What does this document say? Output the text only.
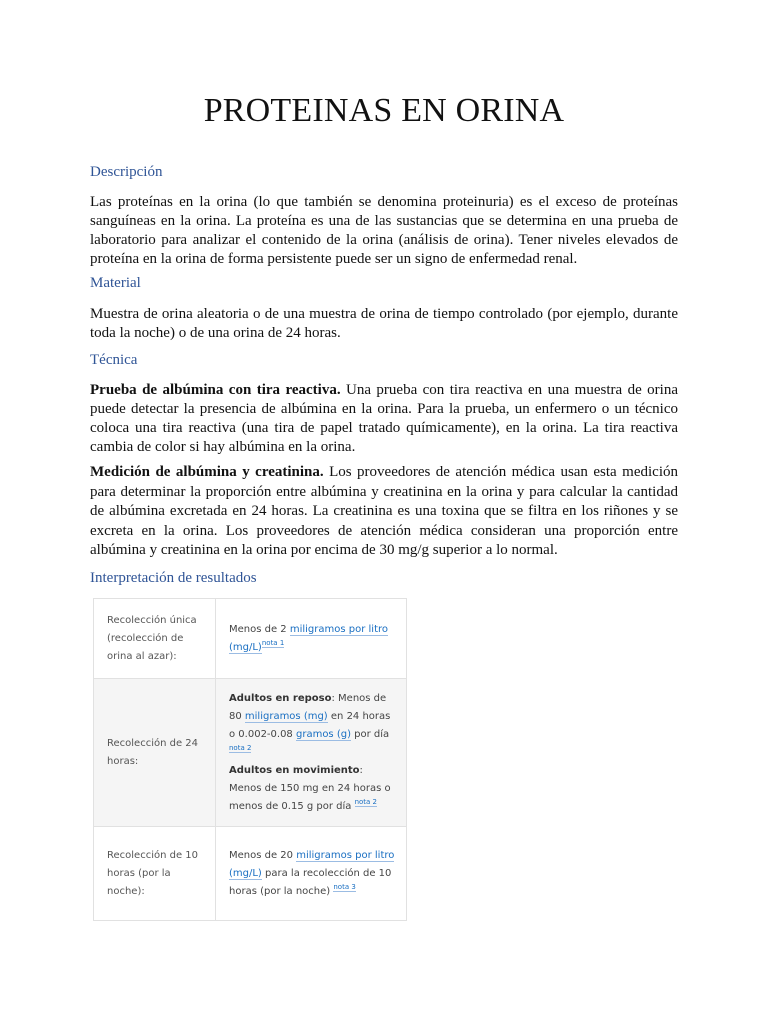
PROTEINAS EN ORINA
Descripción

Las proteínas en la orina (lo que también se denomina proteinuria) es el exceso de proteínas sanguíneas en la orina. La proteína es una de las sustancias que se determina en una prueba de laboratorio para analizar el contenido de la orina (análisis de orina). Tener niveles elevados de proteína en la orina de forma persistente puede ser un signo de enfermedad renal.

Material

Muestra de orina aleatoria o de una muestra de orina de tiempo controlado (por ejemplo, durante toda la noche) o de una orina de 24 horas.

Técnica

Prueba de albúmina con tira reactiva. Una prueba con tira reactiva en una muestra de orina puede detectar la presencia de albúmina en la orina. Para la prueba, un enfermero o un técnico coloca una tira reactiva (una tira de papel tratado químicamente), en la orina. La tira reactiva cambia de color si hay albúmina en la orina.

Medición de albúmina y creatinina. Los proveedores de atención médica usan esta medición para determinar la proporción entre albúmina y creatinina en la orina y para calcular la cantidad de albúmina excretada en 24 horas. La creatinina es una toxina que se filtra en los riñones y se excreta en la orina. Los proveedores de atención médica consideran una proporción entre albúmina y creatinina en la orina por encima de 30 mg/g superior a lo normal.

Interpretación de resultados
Recolección única (recolección de orina al azar):	Menos de 2 miligramos por litro (mg/L)$^{nota 1}$
Recolección de 24 horas:	Adultos en reposo: Menos de 80 miligramos (mg) en 24 horas o 0.002-0.08 gramos (g) por día $^{nota 2}$
Adultos en movimiento: Menos de 150 mg en 24 horas o menos de 0.15 g por día $^{nota 2}$
Recolección de 10 horas (por la noche):	Menos de 20 miligramos por litro (mg/L) para la recolección de 10 horas (por la noche) $^{nota 3}$
